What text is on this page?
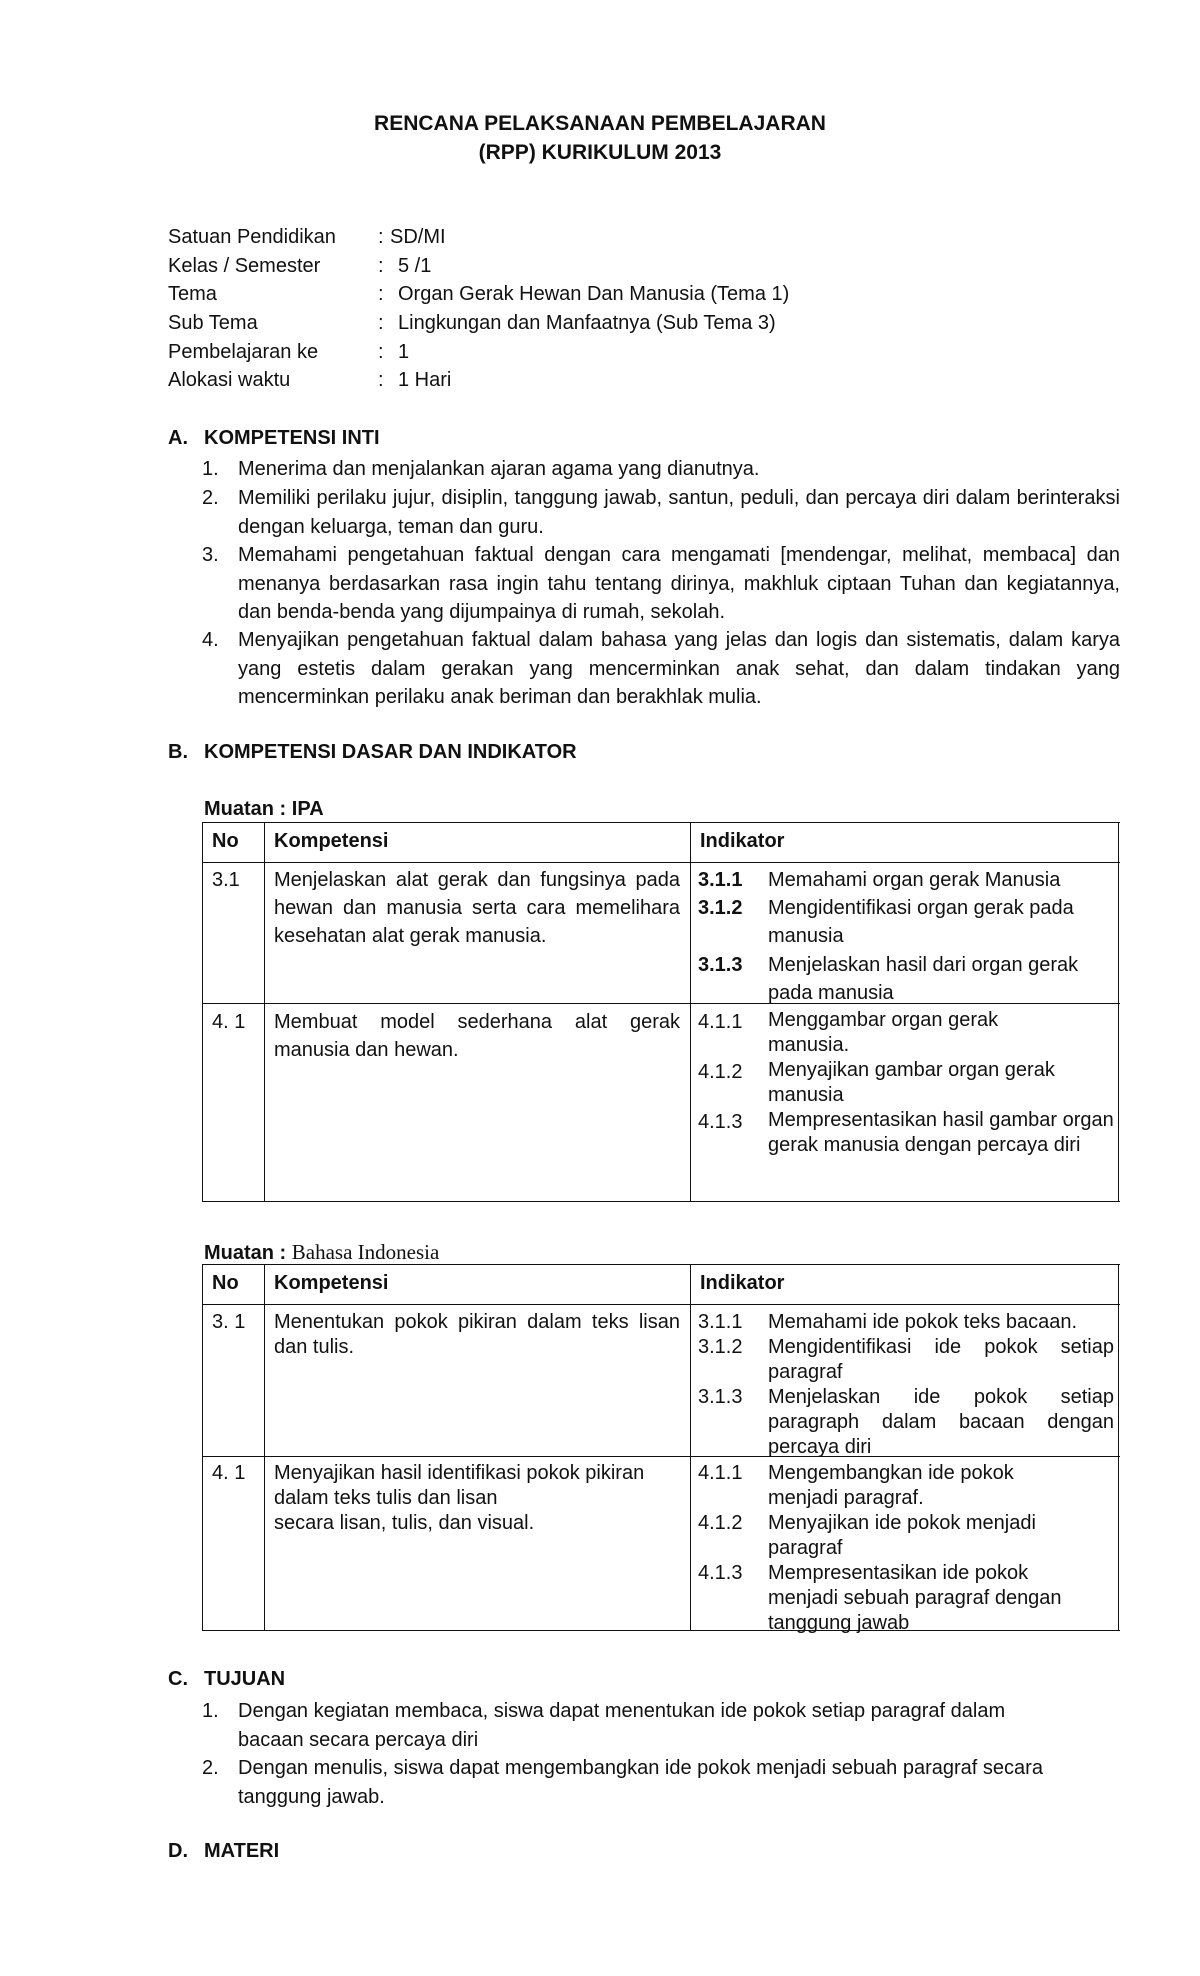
RENCANA PELAKSANAAN PEMBELAJARAN
(RPP) KURIKULUM 2013
Satuan Pendidikan : SD/MI
Kelas / Semester	: 5 /1
Tema	: Organ Gerak Hewan Dan Manusia (Tema 1)
Sub Tema	: Lingkungan dan Manfaatnya (Sub Tema 3)
Pembelajaran ke	: 1
Alokasi waktu	: 1 Hari
A. KOMPETENSI INTI
1. Menerima dan menjalankan ajaran agama yang dianutnya.
2. Memiliki perilaku jujur, disiplin, tanggung jawab, santun, peduli, dan percaya diri dalam berinteraksi dengan keluarga, teman dan guru.
3. Memahami pengetahuan faktual dengan cara mengamati [mendengar, melihat, membaca] dan menanya berdasarkan rasa ingin tahu tentang dirinya, makhluk ciptaan Tuhan dan kegiatannya, dan benda-benda yang dijumpainya di rumah, sekolah.
4. Menyajikan pengetahuan faktual dalam bahasa yang jelas dan logis dan sistematis, dalam karya yang estetis dalam gerakan yang mencerminkan anak sehat, dan dalam tindakan yang mencerminkan perilaku anak beriman dan berakhlak mulia.
B. KOMPETENSI DASAR DAN INDIKATOR
Muatan : IPA
No Kompetensi	Indikator
3.1 Menjelaskan alat gerak dan fungsinya pada hewan dan manusia serta cara memelihara kesehatan alat gerak manusia.
3.1.1 Memahami organ gerak Manusia
3.1.2 Mengidentifikasi organ gerak pada manusia
3.1.3 Menjelaskan hasil dari organ gerak pada manusia
4. 1 Membuat model sederhana alat gerak manusia dan hewan.
4.1.1 Menggambar organ gerak manusia.
4.1.2 Menyajikan gambar organ gerak manusia
4.1.3 Mempresentasikan hasil gambar organ gerak manusia dengan percaya diri
Muatan : Bahasa Indonesia
No Kompetensi	Indikator
3. 1 Menentukan pokok pikiran dalam teks lisan dan tulis.
3.1.1 Memahami ide pokok teks bacaan.
3.1.2 Mengidentifikasi ide pokok setiap paragraf
3.1.3 Menjelaskan ide pokok setiap paragraph dalam bacaan dengan percaya diri
4. 1 Menyajikan hasil identifikasi pokok pikiran dalam teks tulis dan lisan
secara lisan, tulis, dan visual.
4.1.1 Mengembangkan ide pokok menjadi paragraf.
4.1.2 Menyajikan ide pokok menjadi paragraf
4.1.3 Mempresentasikan ide pokok menjadi sebuah paragraf dengan tanggung jawab
C. TUJUAN
1. Dengan kegiatan membaca, siswa dapat menentukan ide pokok setiap paragraf dalam bacaan secara percaya diri
2. Dengan menulis, siswa dapat mengembangkan ide pokok menjadi sebuah paragraf secara tanggung jawab.
D. MATERI
